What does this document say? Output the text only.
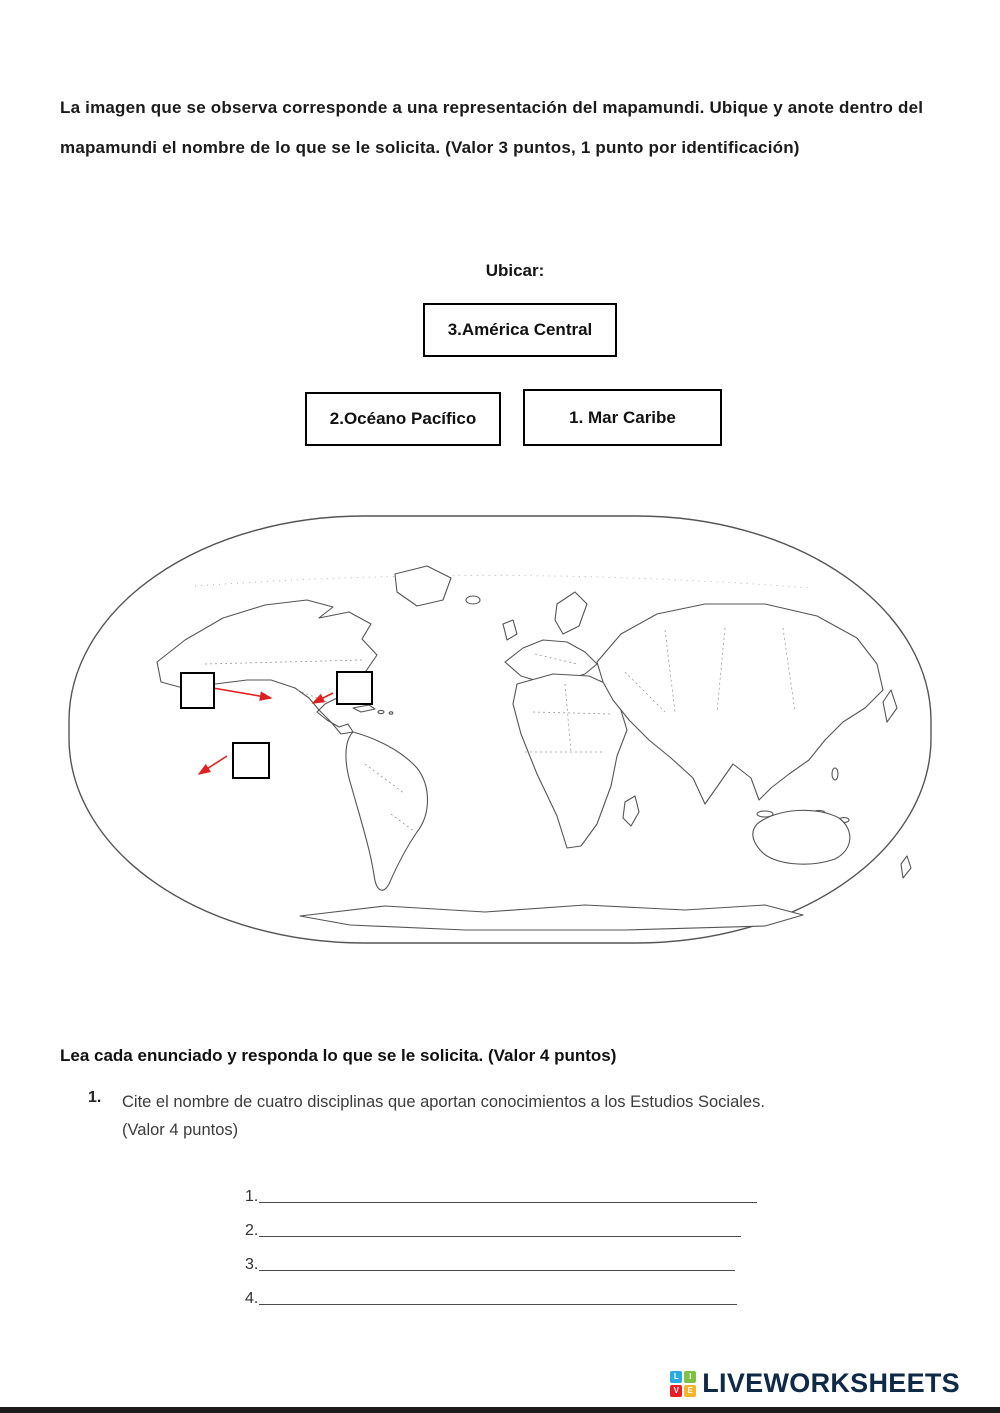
La imagen que se observa corresponde a una representación del mapamundi. Ubique y anote dentro del mapamundi el nombre de lo que se le solicita. (Valor 3 puntos, 1 punto por identificación)

Ubicar:
3.América Central
2.Océano Pacífico	1. Mar Caribe
Lea cada enunciado y responda lo que se le solicita. (Valor 4 puntos)
1. Cite el nombre de cuatro disciplinas que aportan conocimientos a los Estudios Sociales.
(Valor 4 puntos)
1.
2.
3.
4.
L	I
V	E LIVEWORKSHEETS
